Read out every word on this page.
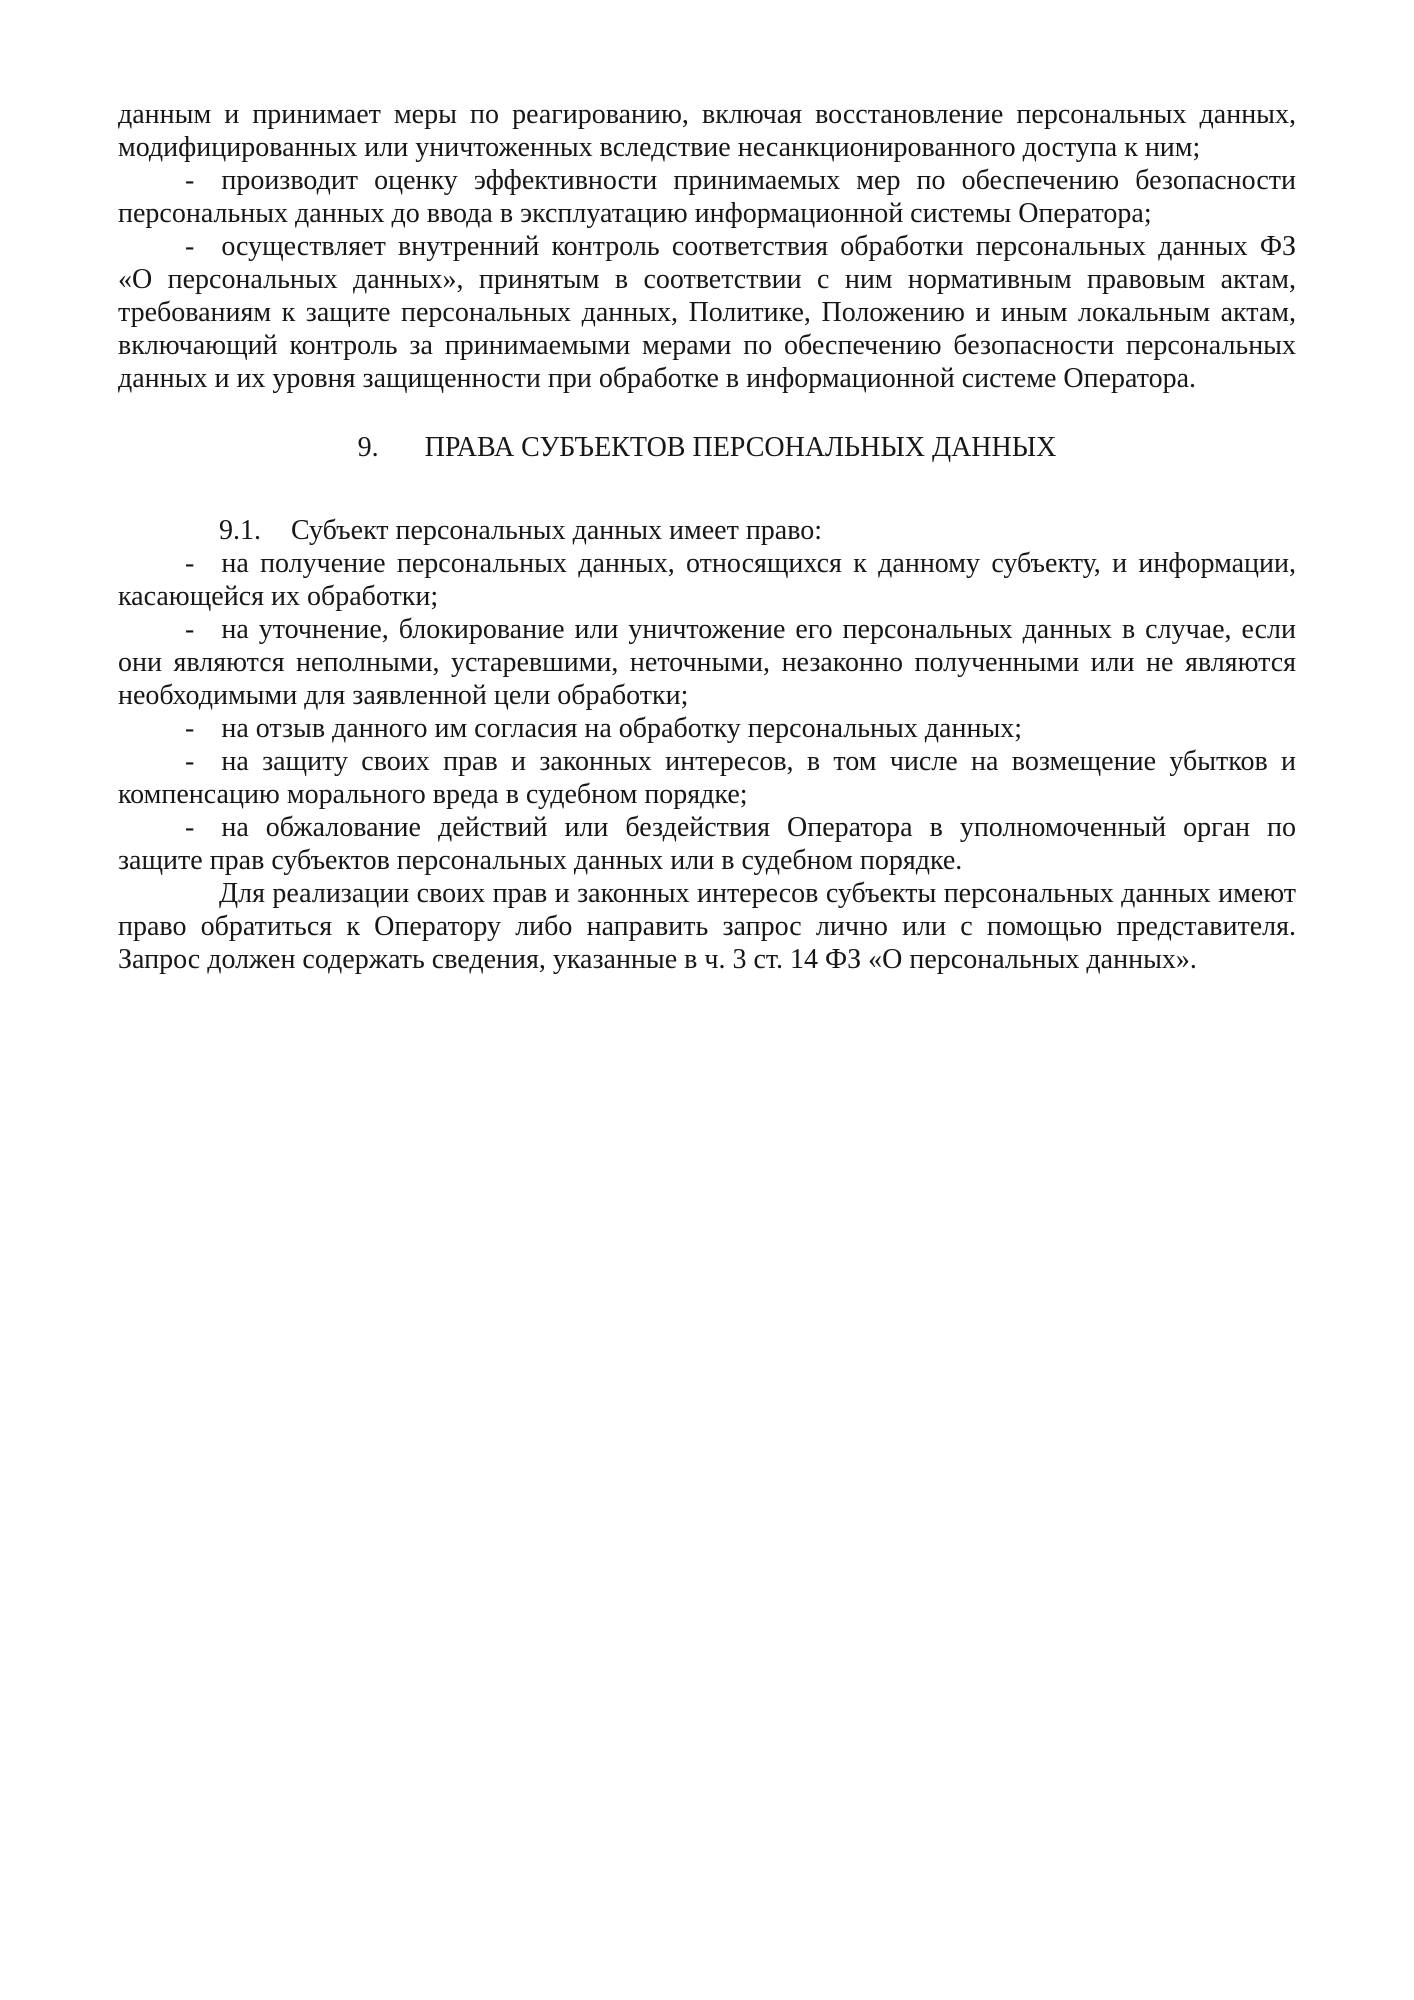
данным и принимает меры по реагированию, включая восстановление персональных данных, модифицированных или уничтоженных вследствие несанкционированного доступа к ним;

- производит оценку эффективности принимаемых мер по обеспечению безопасности персональных данных до ввода в эксплуатацию информационной системы Оператора;

- осуществляет внутренний контроль соответствия обработки персональных данных ФЗ «О персональных данных», принятым в соответствии с ним нормативным правовым актам, требованиям к защите персональных данных, Политике, Положению и иным локальным актам, включающий контроль за принимаемыми мерами по обеспечению безопасности персональных данных и их уровня защищенности при обработке в информационной системе Оператора.

9. ПРАВА СУБЪЕКТОВ ПЕРСОНАЛЬНЫХ ДАННЫХ

9.1. Субъект персональных данных имеет право:

- на получение персональных данных, относящихся к данному субъекту, и информации, касающейся их обработки;

- на уточнение, блокирование или уничтожение его персональных данных в случае, если они являются неполными, устаревшими, неточными, незаконно полученными или не являются необходимыми для заявленной цели обработки;

- на отзыв данного им согласия на обработку персональных данных;

- на защиту своих прав и законных интересов, в том числе на возмещение убытков и компенсацию морального вреда в судебном порядке;

- на обжалование действий или бездействия Оператора в уполномоченный орган по защите прав субъектов персональных данных или в судебном порядке.

Для реализации своих прав и законных интересов субъекты персональных данных имеют право обратиться к Оператору либо направить запрос лично или с помощью представителя. Запрос должен содержать сведения, указанные в ч. 3 ст. 14 ФЗ «О персональных данных».
